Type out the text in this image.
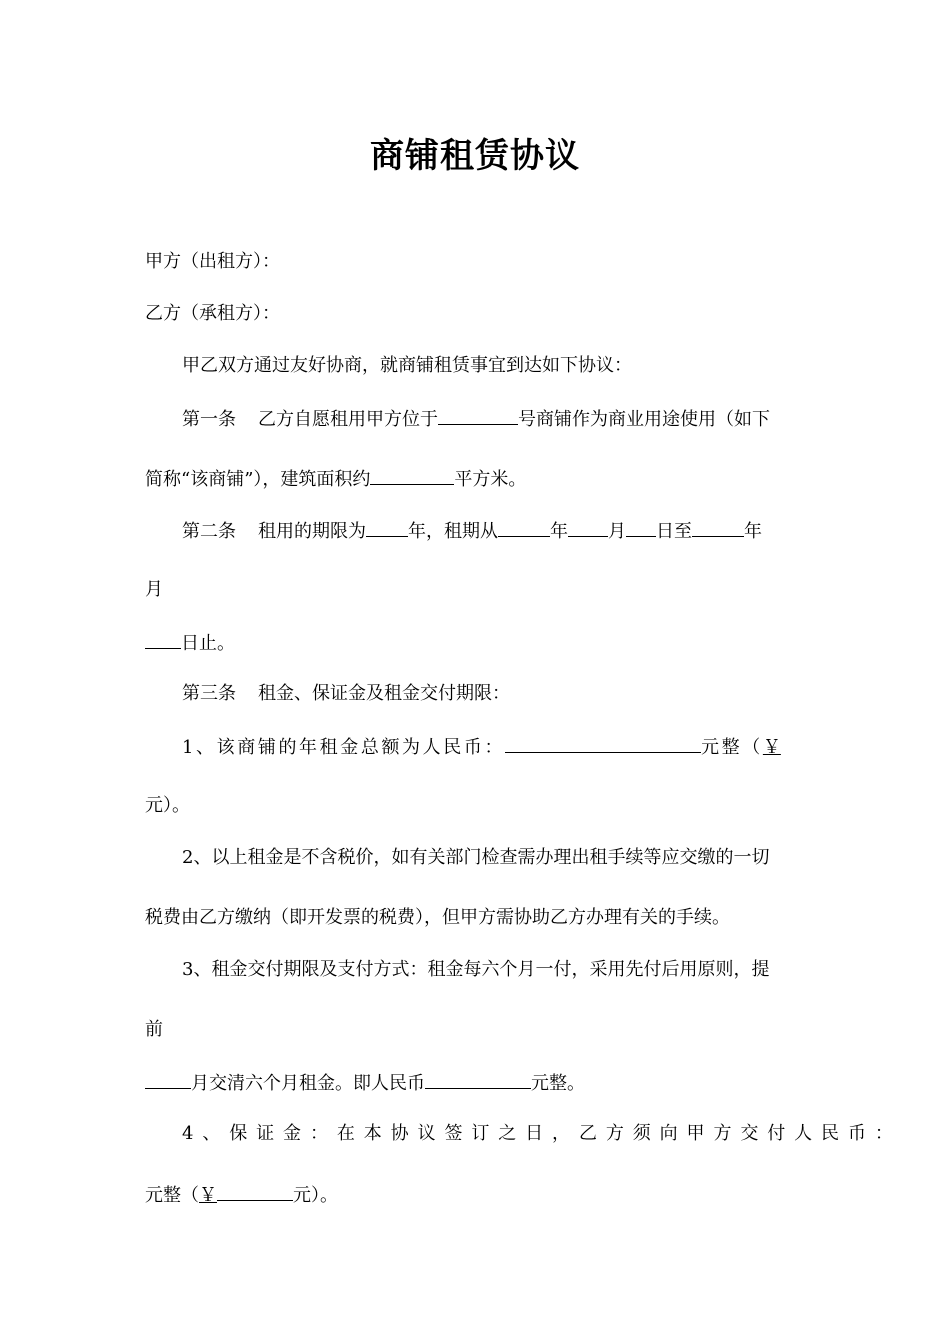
商铺租赁协议
甲方（出租方）：
乙方（承租方）：
甲乙双方通过友好协商，就商铺租赁事宜到达如下协议：
第一条 乙方自愿租用甲方位于	号商铺作为商业用途使用（如下
简称“该商铺”），建筑面积约	平方米。
第二条 租用的期限为 年，租期从	年 月 日至	年
月
日止。
第三条 租金、保证金及租金交付期限：
1、该商铺的年租金总额为人民币：	元整（￥
元）。
2、以上租金是不含税价，如有关部门检查需办理出租手续等应交缴的一切
税费由乙方缴纳（即开发票的税费），但甲方需协助乙方办理有关的手续。
3、租金交付期限及支付方式：租金每六个月一付，采用先付后用原则，提
前
月交清六个月租金。即人民币	元整。
4、保证金：在本协议签订之日，乙方须向甲方交付人民币：
元整（￥	元）。
